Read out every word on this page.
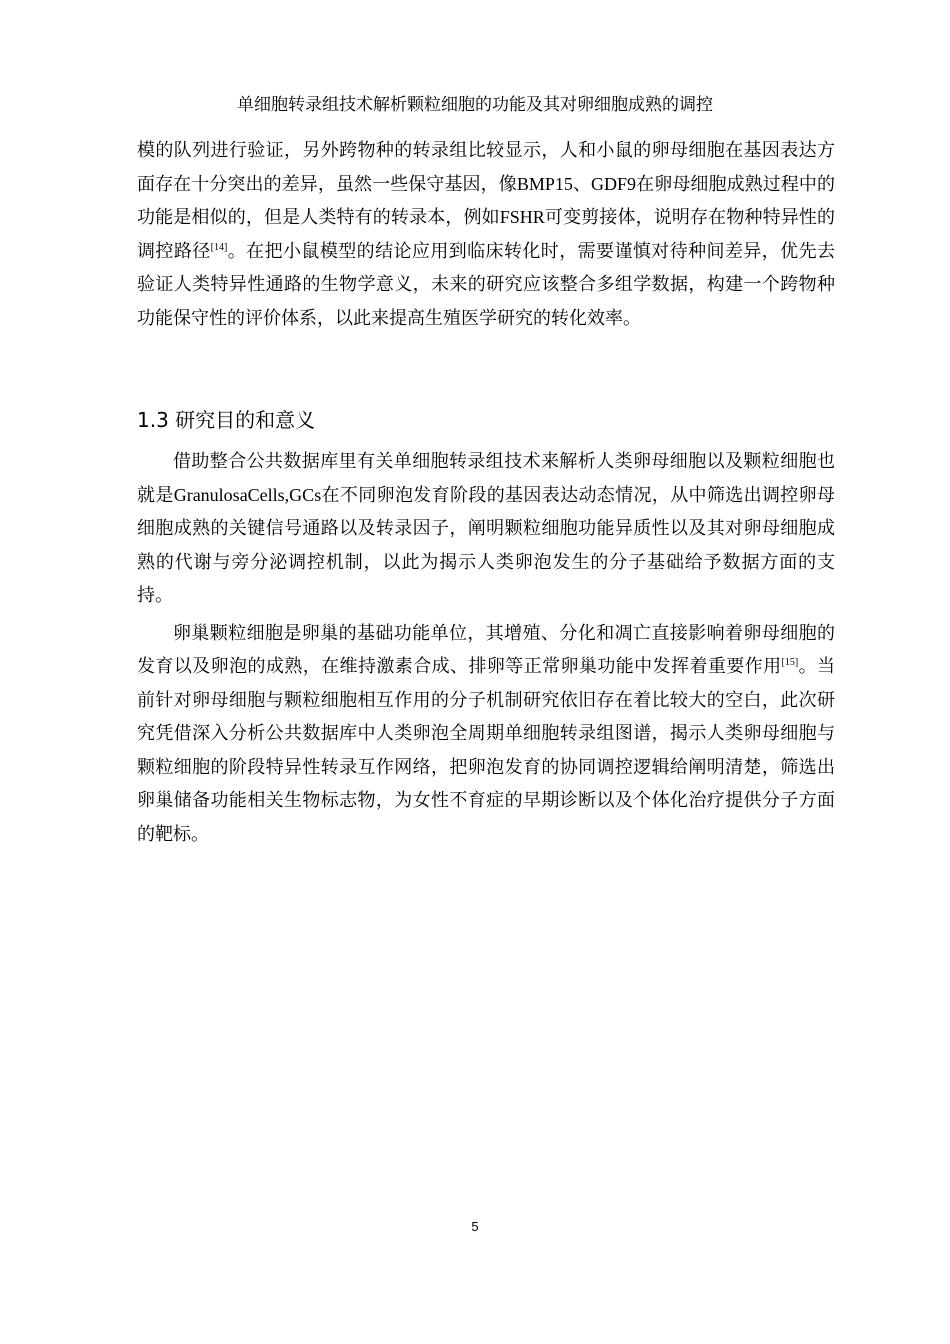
单细胞转录组技术解析颗粒细胞的功能及其对卵细胞成熟的调控

模的队列进行验证，另外跨物种的转录组比较显示，人和小鼠的卵母细胞在基因表达方面存在十分突出的差异，虽然一些保守基因，像BMP15、GDF9在卵母细胞成熟过程中的功能是相似的，但是人类特有的转录本，例如FSHR可变剪接体，说明存在物种特异性的调控路径[14]。在把小鼠模型的结论应用到临床转化时，需要谨慎对待种间差异，优先去验证人类特异性通路的生物学意义，未来的研究应该整合多组学数据，构建一个跨物种功能保守性的评价体系，以此来提高生殖医学研究的转化效率。

1.3 研究目的和意义

借助整合公共数据库里有关单细胞转录组技术来解析人类卵母细胞以及颗粒细胞也就是GranulosaCells,GCs在不同卵泡发育阶段的基因表达动态情况，从中筛选出调控卵母细胞成熟的关键信号通路以及转录因子，阐明颗粒细胞功能异质性以及其对卵母细胞成熟的代谢与旁分泌调控机制，以此为揭示人类卵泡发生的分子基础给予数据方面的支持。

卵巢颗粒细胞是卵巢的基础功能单位，其增殖、分化和凋亡直接影响着卵母细胞的发育以及卵泡的成熟，在维持激素合成、排卵等正常卵巢功能中发挥着重要作用[15]。当前针对卵母细胞与颗粒细胞相互作用的分子机制研究依旧存在着比较大的空白，此次研究凭借深入分析公共数据库中人类卵泡全周期单细胞转录组图谱，揭示人类卵母细胞与颗粒细胞的阶段特异性转录互作网络，把卵泡发育的协同调控逻辑给阐明清楚，筛选出卵巢储备功能相关生物标志物，为女性不育症的早期诊断以及个体化治疗提供分子方面的靶标。

5
